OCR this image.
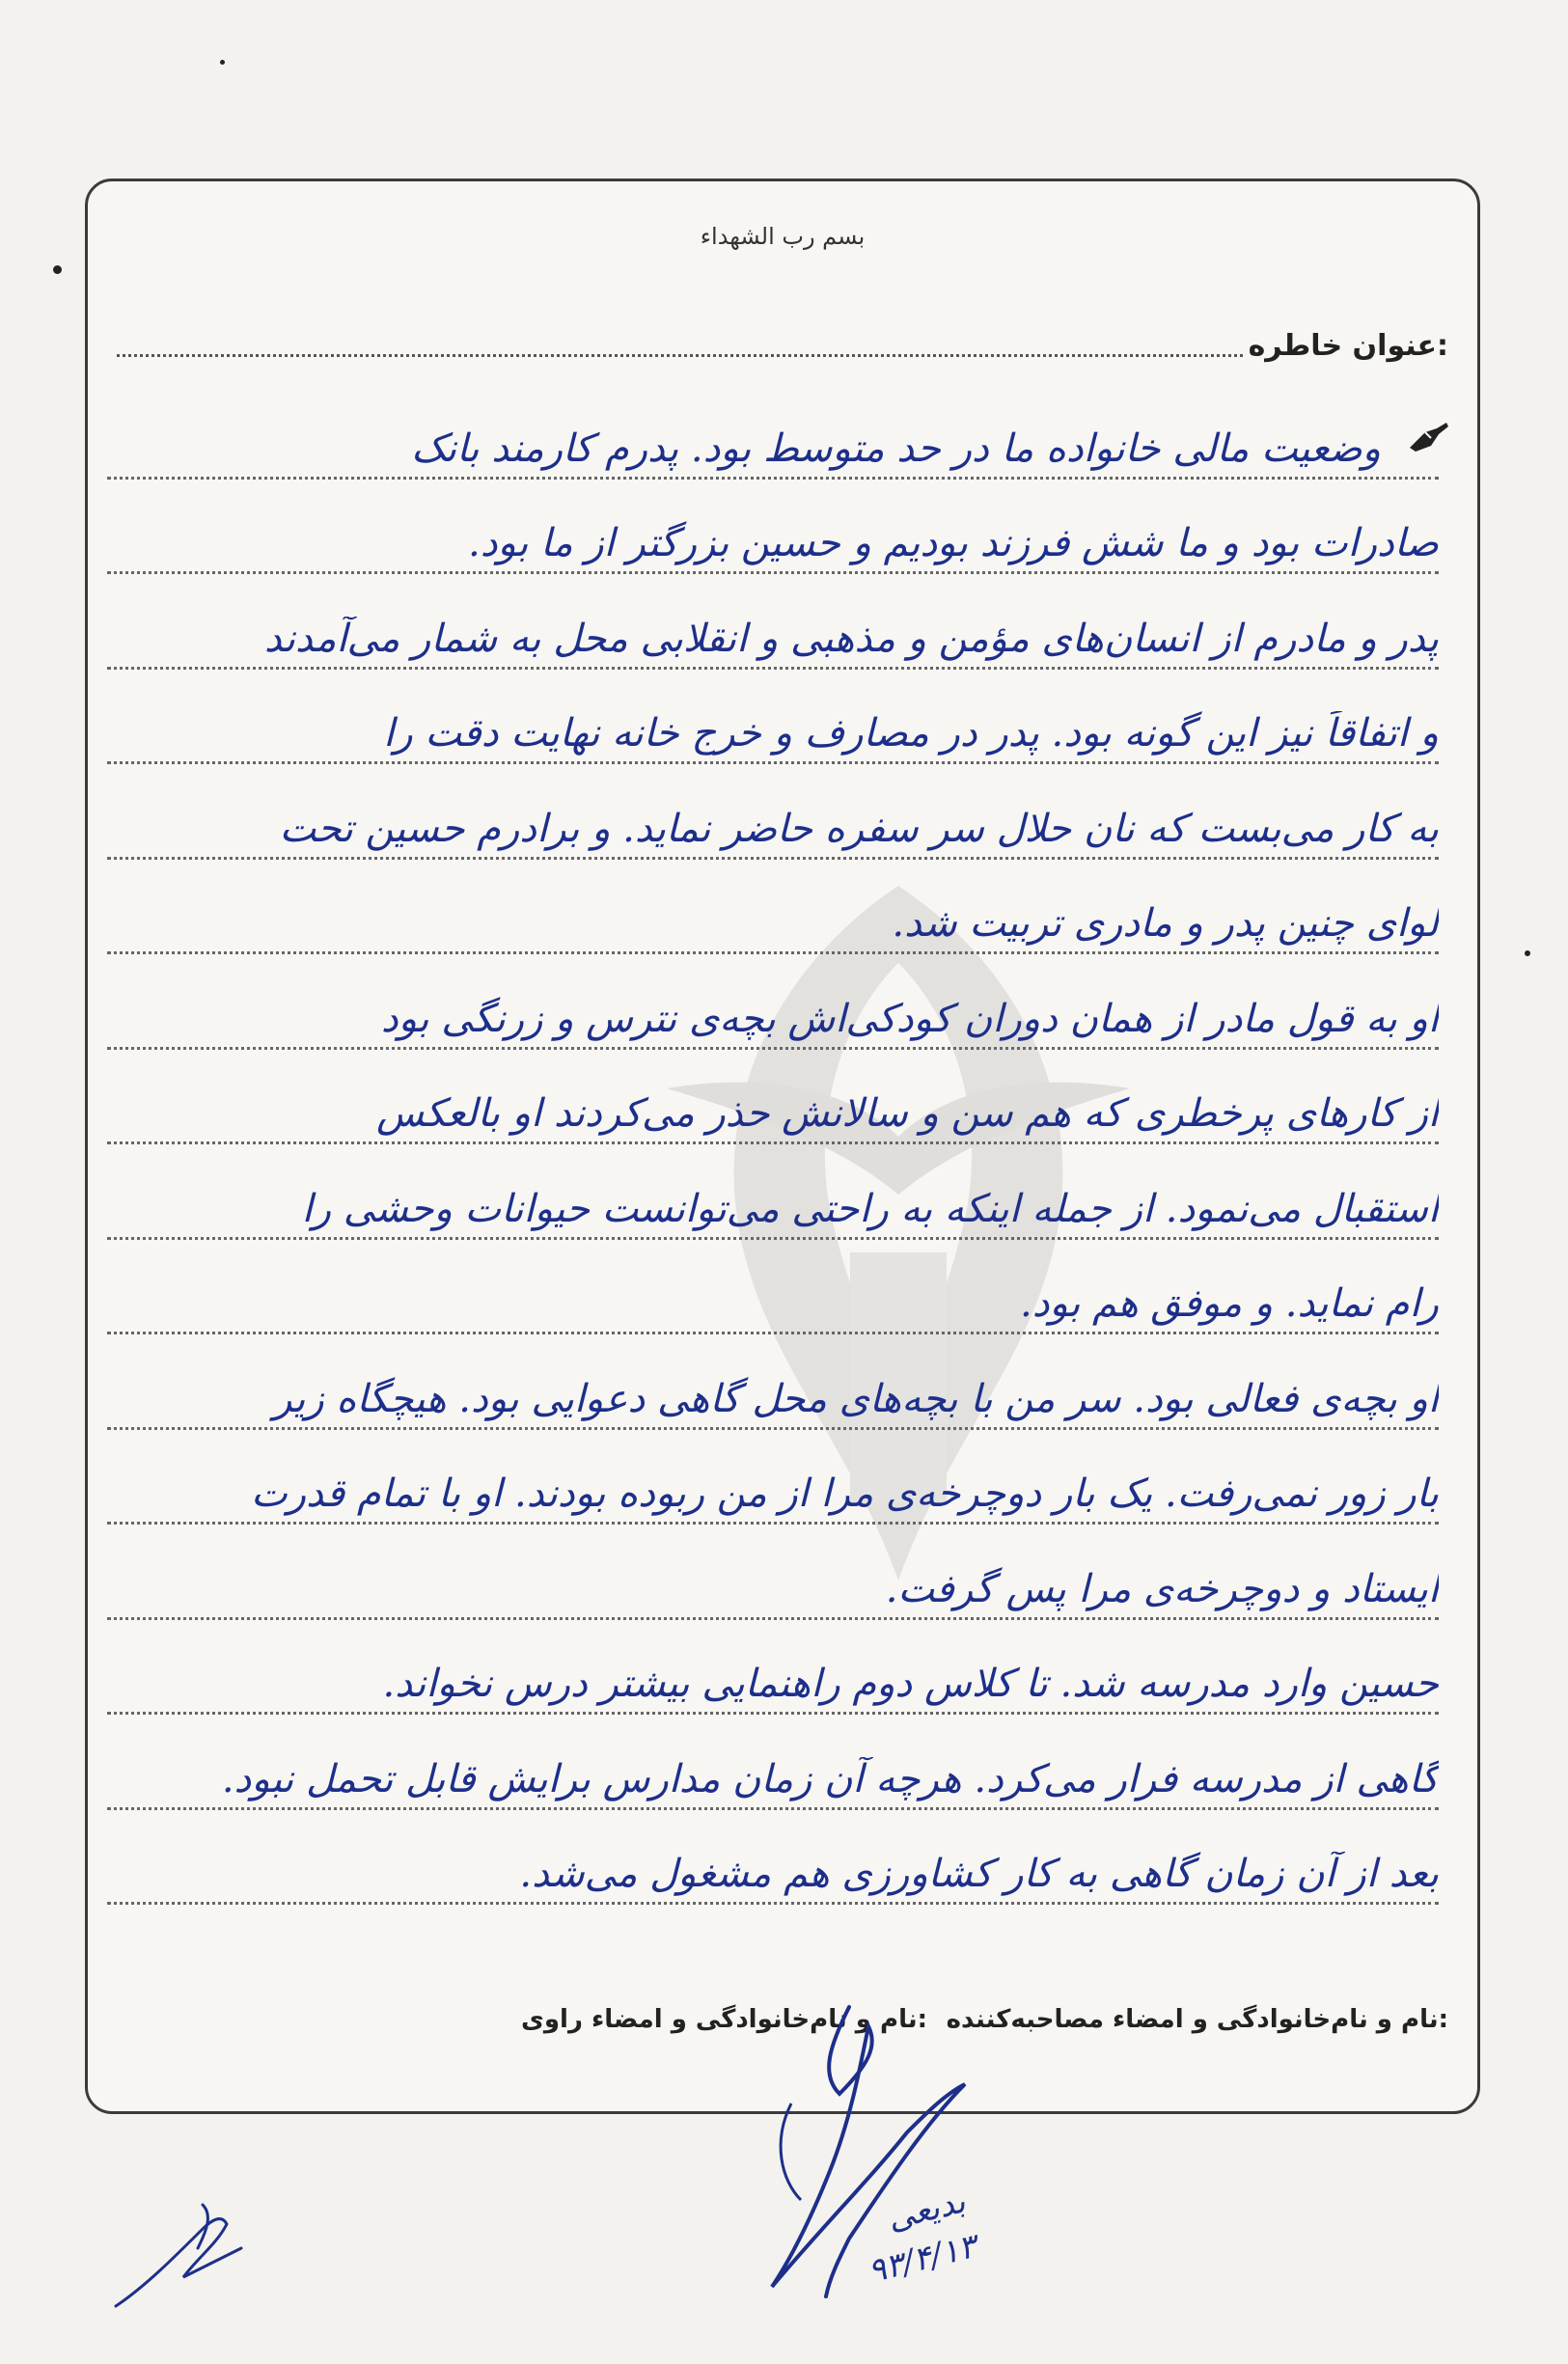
بسم رب الشهداء
عنوان خاطره:
وضعیت مالی خانواده ما در حد متوسط بود. پدرم کارمند بانک
صادرات بود و ما شش فرزند بودیم و حسین بزرگتر از ما بود.
پدر و مادرم از انسان‌های مؤمن و مذهبی و انقلابی محل به شمار می‌آمدند
و اتفاقاً نیز این گونه بود. پدر در مصارف و خرج خانه نهایت دقت را
به کار می‌بست که نان حلال سر سفره حاضر نماید. و برادرم حسین تحت
لوای چنین پدر و مادری تربیت شد.
او به قول مادر از همان دوران کودکی‌اش بچه‌ی نترس و زرنگی بود
از کارهای پرخطری که هم سن و سالانش حذر می‌کردند او بالعکس
استقبال می‌نمود. از جمله اینکه به راحتی می‌توانست حیوانات وحشی را
رام نماید. و موفق هم بود.
او بچه‌ی فعالی بود. سر من با بچه‌های محل گاهی دعوایی بود. هیچگاه زیر
بار زور نمی‌رفت. یک بار دوچرخه‌ی مرا از من ربوده بودند. او با تمام قدرت
ایستاد و دوچرخه‌ی مرا پس گرفت.
حسین وارد مدرسه شد. تا کلاس دوم راهنمایی بیشتر درس نخواند.
گاهی از مدرسه فرار می‌کرد. هرچه آن زمان مدارس برایش قابل تحمل نبود.
بعد از آن زمان گاهی به کار کشاورزی هم مشغول می‌شد.
نام و نام‌خانوادگی و امضاء مصاحبه‌کننده:
نام و نام‌خانوادگی و امضاء راوی:
بدیعی
۹۳/۴/۱۳
